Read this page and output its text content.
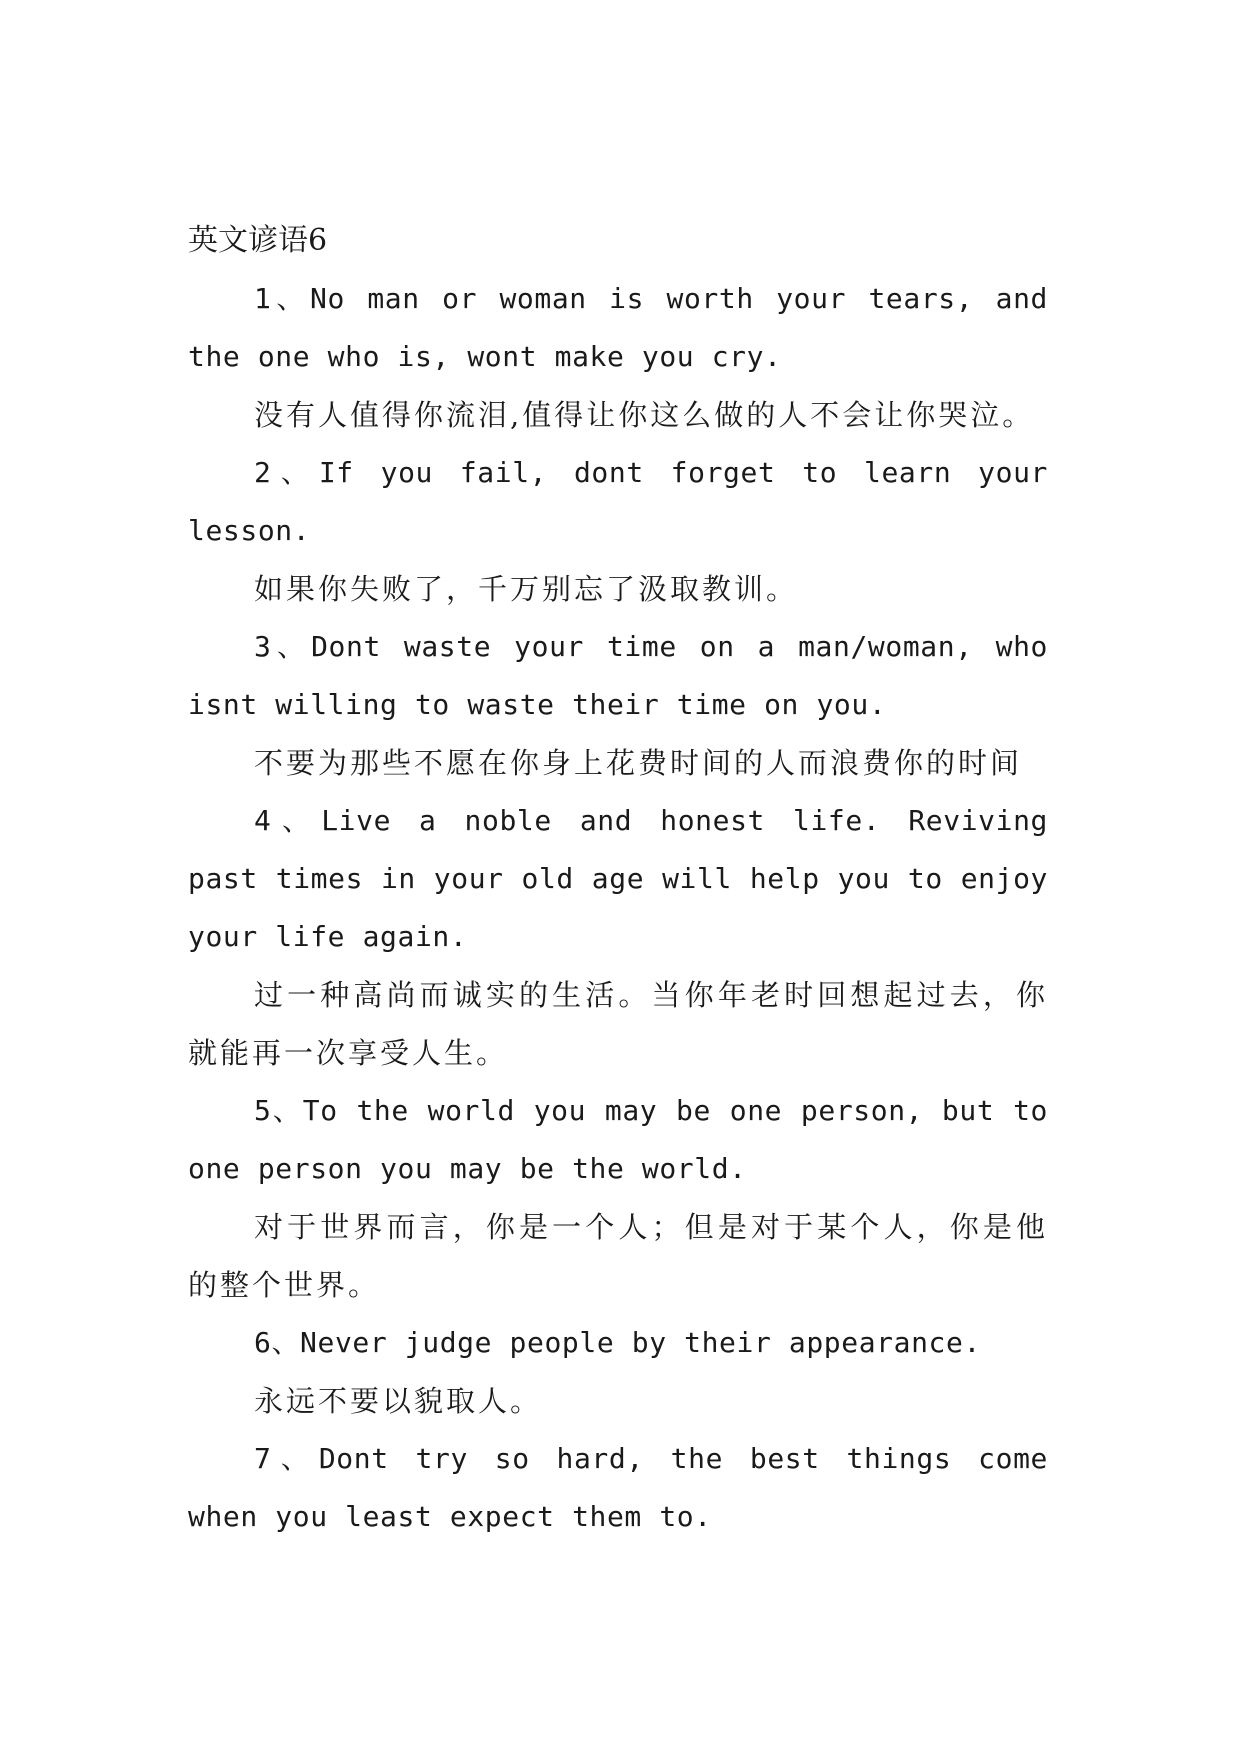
英文谚语6

1、No man or woman is worth your tears, and the one who is, wont make you cry.

没有人值得你流泪,值得让你这么做的人不会让你哭泣。

2、If you fail, dont forget to learn your lesson.

如果你失败了，千万别忘了汲取教训。

3、Dont waste your time on a man/woman, who isnt willing to waste their time on you.

不要为那些不愿在你身上花费时间的人而浪费你的时间

4、Live a noble and honest life. Reviving past times in your old age will help you to enjoy your life again.

过一种高尚而诚实的生活。当你年老时回想起过去，你就能再一次享受人生。

5、To the world you may be one person, but to one person you may be the world.

对于世界而言，你是一个人；但是对于某个人，你是他的整个世界。

6、Never judge people by their appearance.

永远不要以貌取人。

7、Dont try so hard, the best things come when you least expect them to.
